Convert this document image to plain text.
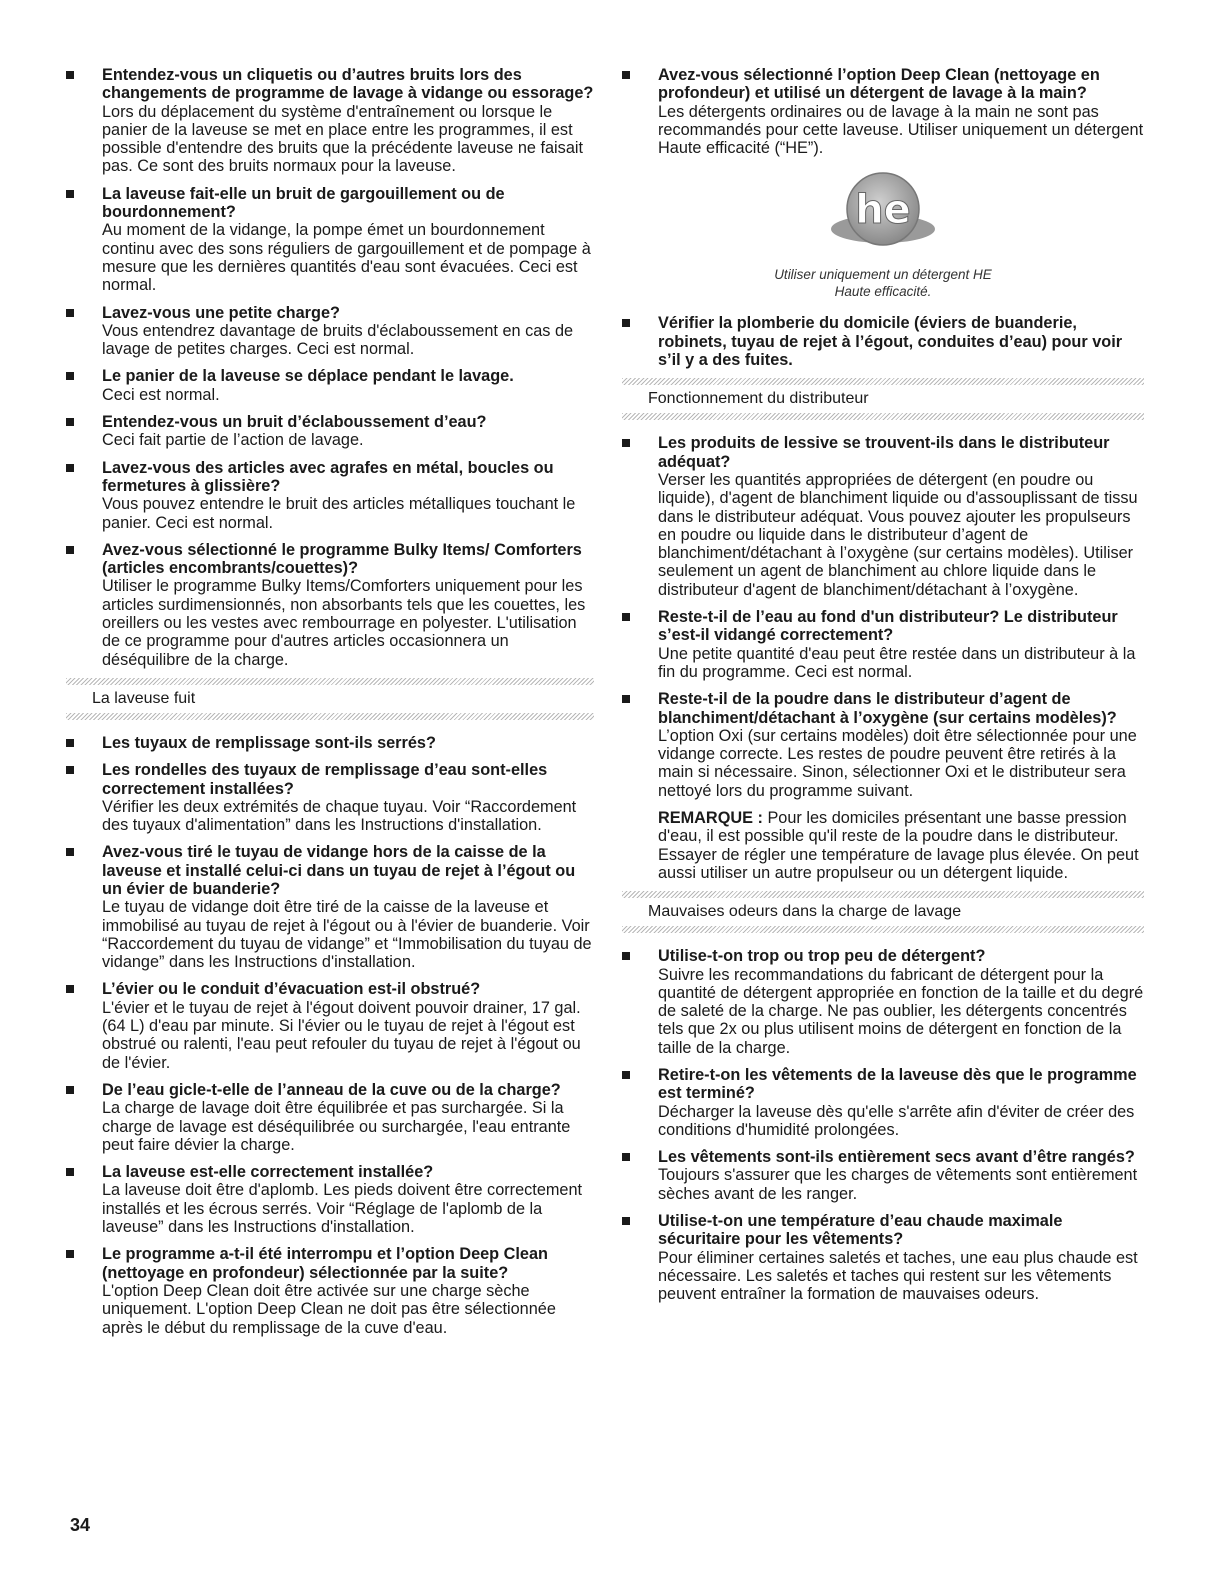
Entendez-vous un cliquetis ou d’autres bruits lors des changements de programme de lavage à vidange ou essorage?
Lors du déplacement du système d'entraînement ou lorsque le panier de la laveuse se met en place entre les programmes, il est possible d'entendre des bruits que la précédente laveuse ne faisait pas. Ce sont des bruits normaux pour la laveuse.
La laveuse fait-elle un bruit de gargouillement ou de bourdonnement?
Au moment de la vidange, la pompe émet un bourdonnement continu avec des sons réguliers de gargouillement et de pompage à mesure que les dernières quantités d'eau sont évacuées. Ceci est normal.
Lavez-vous une petite charge?
Vous entendrez davantage de bruits d'éclaboussement en cas de lavage de petites charges. Ceci est normal.
Le panier de la laveuse se déplace pendant le lavage.
Ceci est normal.
Entendez-vous un bruit d’éclaboussement d’eau?
Ceci fait partie de l’action de lavage.
Lavez-vous des articles avec agrafes en métal, boucles ou fermetures à glissière?
Vous pouvez entendre le bruit des articles métalliques touchant le panier. Ceci est normal.
Avez-vous sélectionné le programme Bulky Items/ Comforters (articles encombrants/couettes)?
Utiliser le programme Bulky Items/Comforters uniquement pour les articles surdimensionnés, non absorbants tels que les couettes, les oreillers ou les vestes avec rembourrage en polyester. L'utilisation de ce programme pour d'autres articles occasionnera un déséquilibre de la charge.
La laveuse fuit
Les tuyaux de remplissage sont-ils serrés?
Les rondelles des tuyaux de remplissage d’eau sont-elles correctement installées?
Vérifier les deux extrémités de chaque tuyau. Voir “Raccordement des tuyaux d'alimentation” dans les Instructions d'installation.
Avez-vous tiré le tuyau de vidange hors de la caisse de la laveuse et installé celui-ci dans un tuyau de rejet à l’égout ou un évier de buanderie?
Le tuyau de vidange doit être tiré de la caisse de la laveuse et immobilisé au tuyau de rejet à l'égout ou à l'évier de buanderie. Voir “Raccordement du tuyau de vidange” et “Immobilisation du tuyau de vidange” dans les Instructions d'installation.
L’évier ou le conduit d’évacuation est-il obstrué?
L'évier et le tuyau de rejet à l'égout doivent pouvoir drainer, 17 gal. (64 L) d'eau par minute. Si l'évier ou le tuyau de rejet à l'égout est obstrué ou ralenti, l'eau peut refouler du tuyau de rejet à l'égout ou de l'évier.
De l’eau gicle-t-elle de l’anneau de la cuve ou de la charge?
La charge de lavage doit être équilibrée et pas surchargée. Si la charge de lavage est déséquilibrée ou surchargée, l'eau entrante peut faire dévier la charge.
La laveuse est-elle correctement installée?
La laveuse doit être d'aplomb. Les pieds doivent être correctement installés et les écrous serrés. Voir “Réglage de l'aplomb de la laveuse” dans les Instructions d'installation.
Le programme a-t-il été interrompu et l’option Deep Clean (nettoyage en profondeur) sélectionnée par la suite?
L'option Deep Clean doit être activée sur une charge sèche uniquement. L'option Deep Clean ne doit pas être sélectionnée après le début du remplissage de la cuve d'eau.
Avez-vous sélectionné l’option Deep Clean (nettoyage en profondeur) et utilisé un détergent de lavage à la main?
Les détergents ordinaires ou de lavage à la main ne sont pas recommandés pour cette laveuse. Utiliser uniquement un détergent Haute efficacité (“HE”).
he
Utiliser uniquement un détergent HE
Haute efficacité.
Vérifier la plomberie du domicile (éviers de buanderie, robinets, tuyau de rejet à l’égout, conduites d’eau) pour voir s’il y a des fuites.
Fonctionnement du distributeur
Les produits de lessive se trouvent-ils dans le distributeur adéquat?
Verser les quantités appropriées de détergent (en poudre ou liquide), d'agent de blanchiment liquide ou d'assouplissant de tissu dans le distributeur adéquat. Vous pouvez ajouter les propulseurs en poudre ou liquide dans le distributeur d’agent de blanchiment/détachant à l’oxygène (sur certains modèles). Utiliser seulement un agent de blanchiment au chlore liquide dans le distributeur d'agent de blanchiment/détachant à l’oxygène.
Reste-t-il de l’eau au fond d'un distributeur? Le distributeur s’est-il vidangé correctement?
Une petite quantité d'eau peut être restée dans un distributeur à la fin du programme. Ceci est normal.
Reste-t-il de la poudre dans le distributeur d’agent de blanchiment/détachant à l’oxygène (sur certains modèles)?
L’option Oxi (sur certains modèles) doit être sélectionnée pour une vidange correcte. Les restes de poudre peuvent être retirés à la main si nécessaire. Sinon, sélectionner Oxi et le distributeur sera nettoyé lors du programme suivant.

REMARQUE : Pour les domiciles présentant une basse pression d'eau, il est possible qu'il reste de la poudre dans le distributeur. Essayer de régler une température de lavage plus élevée. On peut aussi utiliser un autre propulseur ou un détergent liquide.

Mauvaises odeurs dans la charge de lavage
Utilise-t-on trop ou trop peu de détergent?
Suivre les recommandations du fabricant de détergent pour la quantité de détergent appropriée en fonction de la taille et du degré de saleté de la charge. Ne pas oublier, les détergents concentrés tels que 2x ou plus utilisent moins de détergent en fonction de la taille de la charge.
Retire-t-on les vêtements de la laveuse dès que le programme est terminé?
Décharger la laveuse dès qu'elle s'arrête afin d'éviter de créer des conditions d'humidité prolongées.
Les vêtements sont-ils entièrement secs avant d’être rangés?
Toujours s'assurer que les charges de vêtements sont entièrement sèches avant de les ranger.
Utilise-t-on une température d’eau chaude maximale sécuritaire pour les vêtements?
Pour éliminer certaines saletés et taches, une eau plus chaude est nécessaire. Les saletés et taches qui restent sur les vêtements peuvent entraîner la formation de mauvaises odeurs.
34
